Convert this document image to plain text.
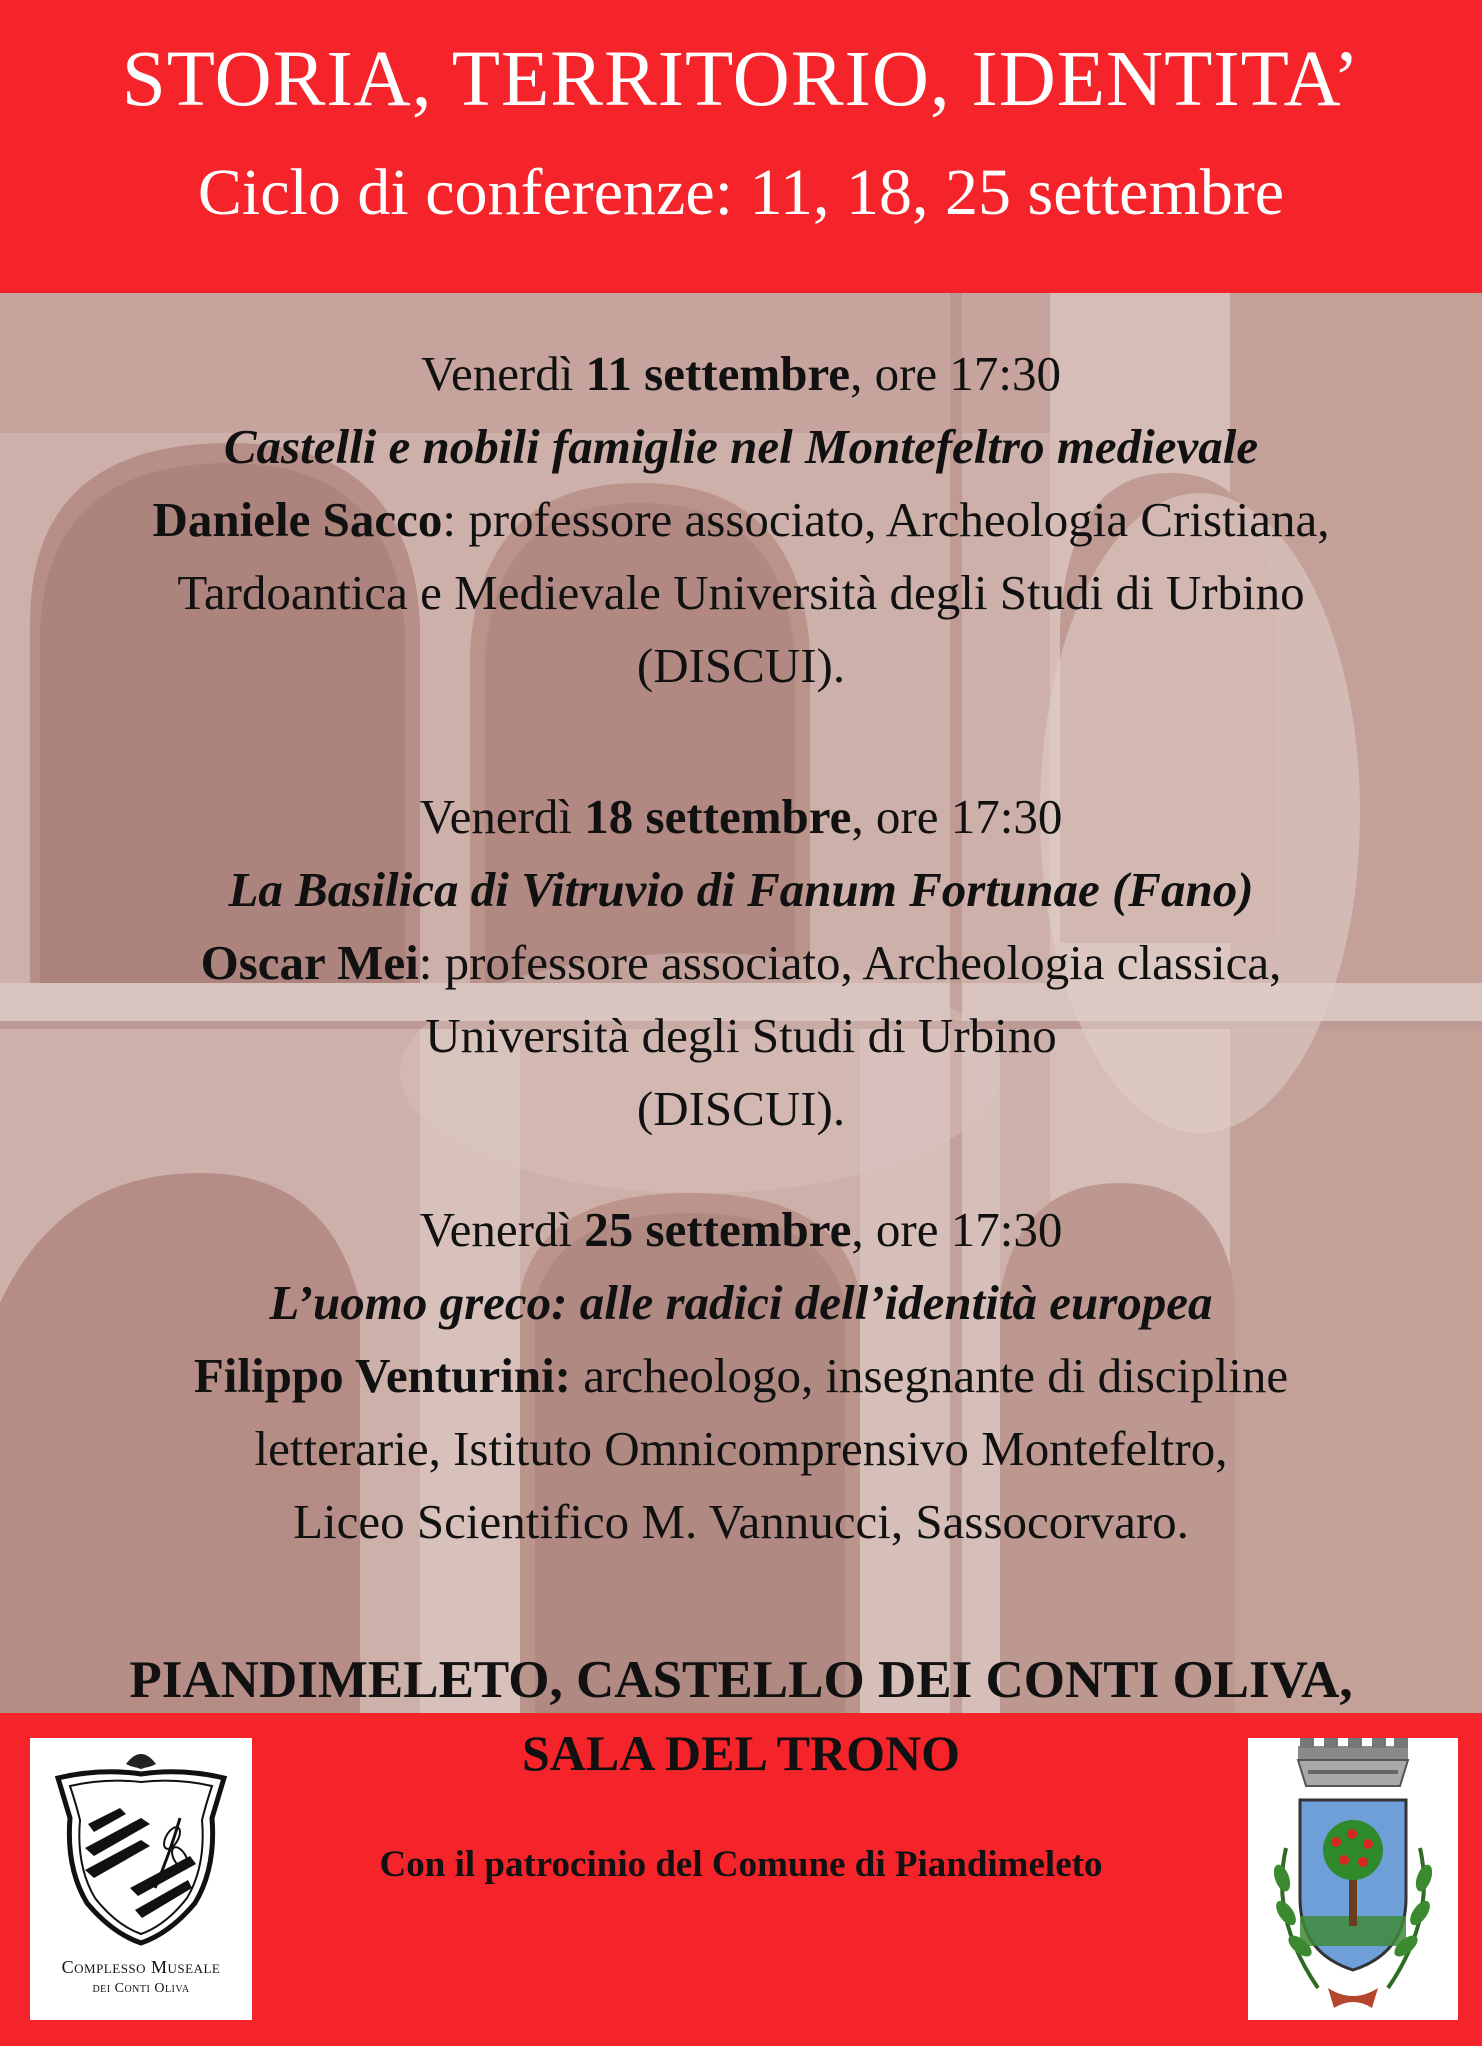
STORIA, TERRITORIO, IDENTITA’
Ciclo di conferenze: 11, 18, 25 settembre
Venerdì 11 settembre, ore 17:30
Castelli e nobili famiglie nel Montefeltro medievale
Daniele Sacco: professore associato, Archeologia Cristiana,
Tardoantica e Medievale Università degli Studi di Urbino
(DISCUI).
Venerdì 18 settembre, ore 17:30
La Basilica di Vitruvio di Fanum Fortunae (Fano)
Oscar Mei: professore associato, Archeologia classica,
Università degli Studi di Urbino
(DISCUI).
Venerdì 25 settembre, ore 17:30
L’uomo greco: alle radici dell’identità europea
Filippo Venturini: archeologo, insegnante di discipline
letterarie, Istituto Omnicomprensivo Montefeltro,
Liceo Scientifico M. Vannucci, Sassocorvaro.
PIANDIMELETO, CASTELLO DEI CONTI OLIVA,
SALA DEL TRONO
Con il patrocinio del Comune di Piandimeleto
Complesso Museale
dei Conti Oliva
